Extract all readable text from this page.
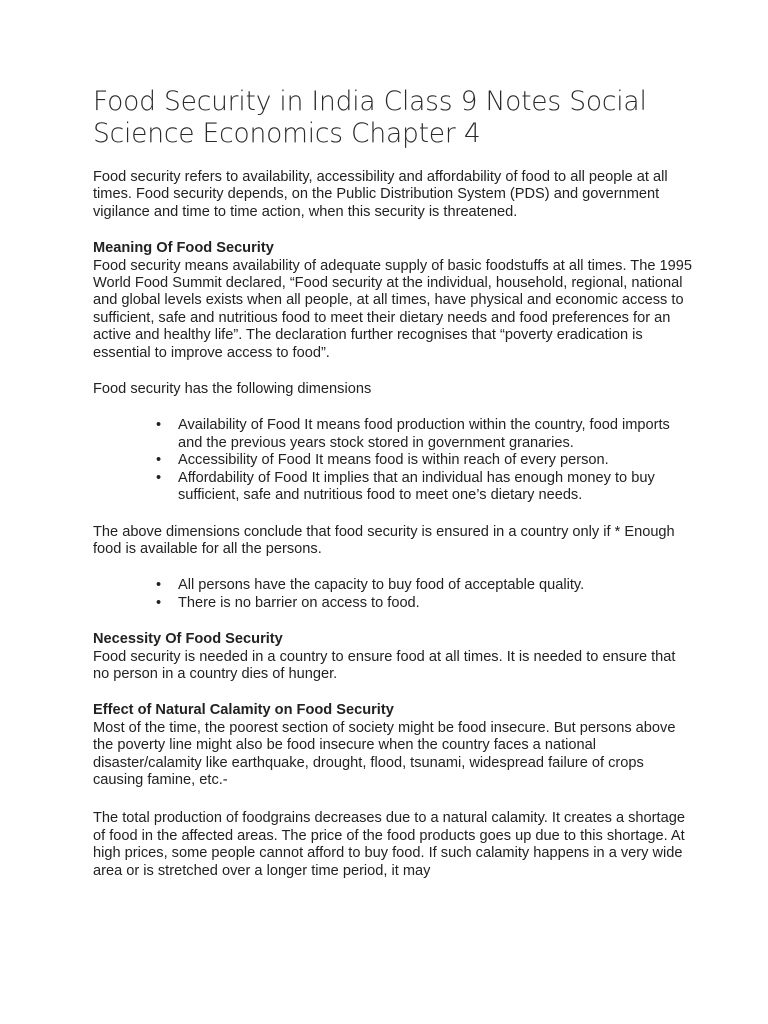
Food Security in India Class 9 Notes Social Science Economics Chapter 4

Food security refers to availability, accessibility and affordability of food to all people at all times. Food security depends, on the Public Distribution System (PDS) and government vigilance and time to time action, when this security is threatened.

Meaning Of Food Security

Food security means availability of adequate supply of basic foodstuffs at all times. The 1995 World Food Summit declared, “Food security at the individual, household, regional, national and global levels exists when all people, at all times, have physical and economic access to sufficient, safe and nutritious food to meet their dietary needs and food preferences for an active and healthy life”. The declaration further recognises that “poverty eradication is essential to improve access to food”.

Food security has the following dimensions

• Availability of Food It means food production within the country, food imports and the previous years stock stored in government granaries.
• Accessibility of Food It means food is within reach of every person.
• Affordability of Food It implies that an individual has enough money to buy sufficient, safe and nutritious food to meet one’s dietary needs.

The above dimensions conclude that food security is ensured in a country only if * Enough food is available for all the persons.

• All persons have the capacity to buy food of acceptable quality.
• There is no barrier on access to food.
Necessity Of Food Security

Food security is needed in a country to ensure food at all times. It is needed to ensure that no person in a country dies of hunger.

Effect of Natural Calamity on Food Security

Most of the time, the poorest section of society might be food insecure. But persons above the poverty line might also be food insecure when the country faces a national disaster/calamity like earthquake, drought, flood, tsunami, widespread failure of crops causing famine, etc.-

The total production of foodgrains decreases due to a natural calamity. It creates a shortage of food in the affected areas. The price of the food products goes up due to this shortage. At high prices, some people cannot afford to buy food. If such calamity happens in a very wide area or is stretched over a longer time period, it may
